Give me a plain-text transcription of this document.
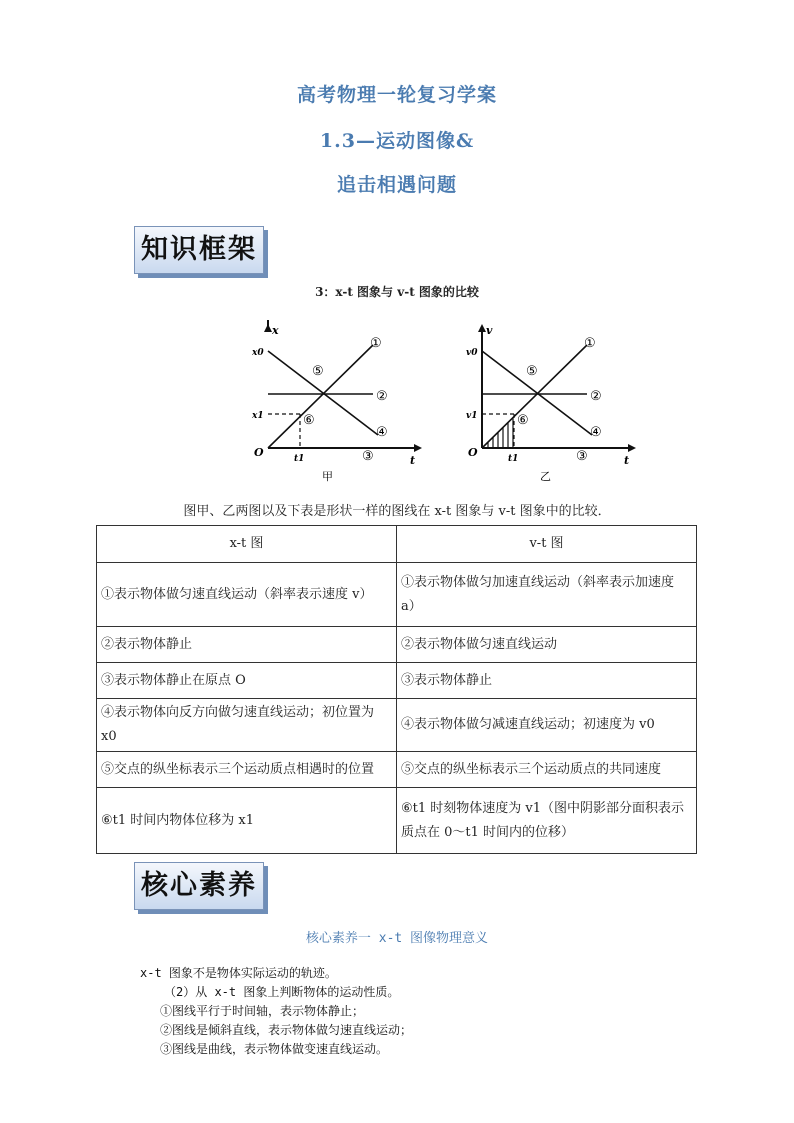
高考物理一轮复习学案
1.3—运动图像&
追击相遇问题
知识框架
3：x-t 图象与 v-t 图象的比较
x
t
O
x0
x1
t1
①
②
③
④
⑤
⑥
甲
v
t
O
v0
v1
t1
①
②
③
④
⑤
⑥
乙
图甲、乙两图以及下表是形状一样的图线在 x-t 图象与 v-t 图象中的比较．
x-t 图	v-t 图
①表示物体做匀速直线运动（斜率表示速度 v）	①表示物体做匀加速直线运动（斜率表示加速度 a）
②表示物体静止	②表示物体做匀速直线运动
③表示物体静止在原点 O	③表示物体静止
④表示物体向反方向做匀速直线运动；初位置为 x0	④表示物体做匀减速直线运动；初速度为 v0
⑤交点的纵坐标表示三个运动质点相遇时的位置	⑤交点的纵坐标表示三个运动质点的共同速度
⑥t1 时间内物体位移为 x1	⑥t1 时刻物体速度为 v1（图中阴影部分面积表示质点在 0～t1 时间内的位移）
核心素养
核心素养一 x-t 图像物理意义
x-t 图象不是物体实际运动的轨迹。
（2）从 x-t 图象上判断物体的运动性质。
①图线平行于时间轴，表示物体静止；
②图线是倾斜直线，表示物体做匀速直线运动；
③图线是曲线，表示物体做变速直线运动。
